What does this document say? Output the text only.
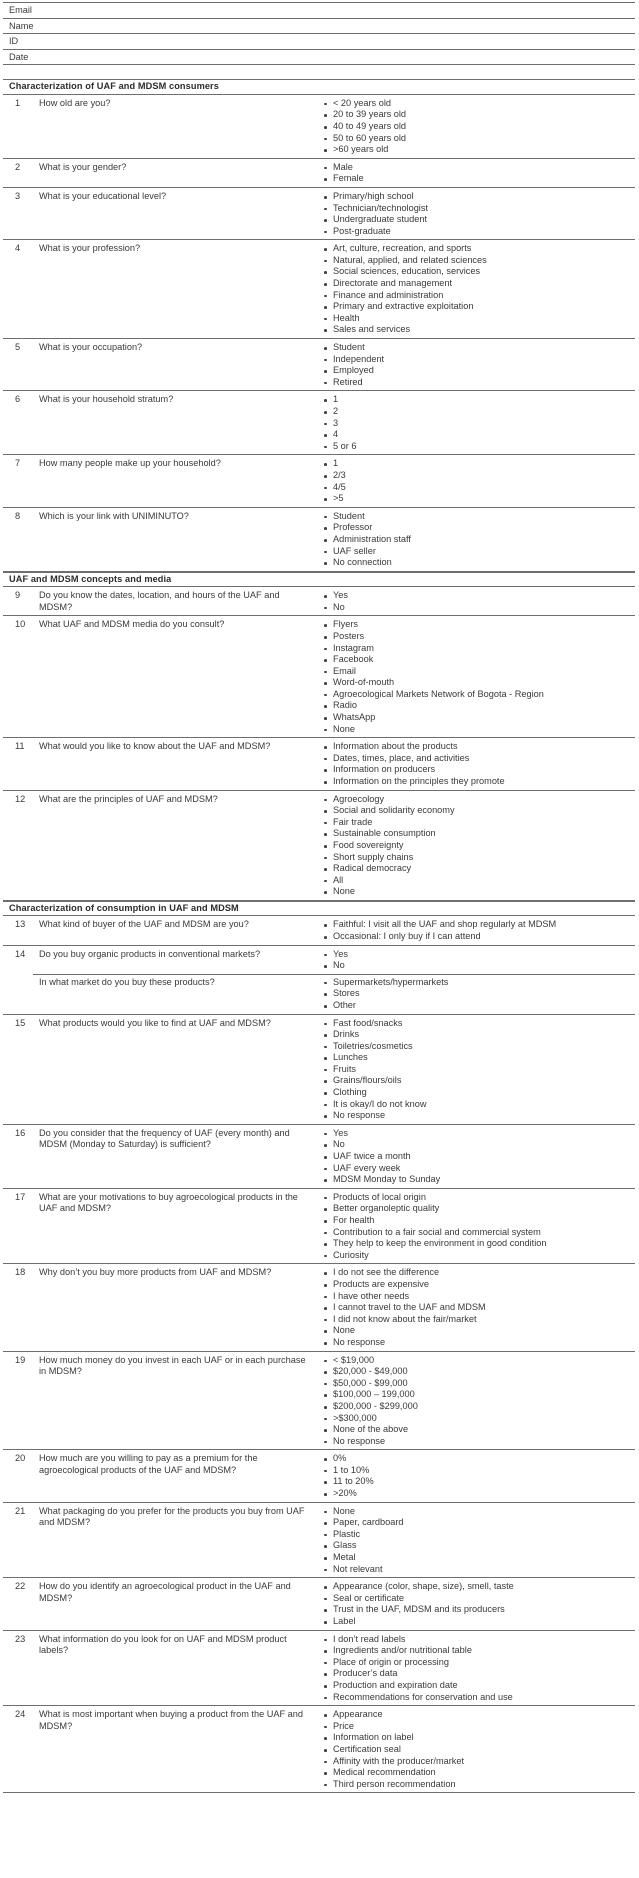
Email
Name
ID
Date
Characterization of UAF and MDSM consumers
1	How old are you?	< 20 years old
20 to 39 years old
40 to 49 years old
50 to 60 years old
>60 years old
2	What is your gender?	Male
Female
3	What is your educational level?	Primary/high school
Technician/technologist
Undergraduate student
Post-graduate
4	What is your profession?	Art, culture, recreation, and sports
Natural, applied, and related sciences
Social sciences, education, services
Directorate and management
Finance and administration
Primary and extractive exploitation
Health
Sales and services
5	What is your occupation?	Student
Independent
Employed
Retired
6	What is your household stratum?	1
2
3
4
5 or 6
7	How many people make up your household?	1
2/3
4/5
>5
8	Which is your link with UNIMINUTO?	Student
Professor
Administration staff
UAF seller
No connection
UAF and MDSM concepts and media
9	Do you know the dates, location, and hours of the UAF and MDSM?
Yes
No
10	What UAF and MDSM media do you consult?	Flyers
Posters
Instagram
Facebook
Email
Word-of-mouth
Agroecological Markets Network of Bogota - Region
Radio
WhatsApp
None
11	What would you like to know about the UAF and MDSM?	Information about the products
Dates, times, place, and activities
Information on producers
Information on the principles they promote
12	What are the principles of UAF and MDSM?	Agroecology
Social and solidarity economy
Fair trade
Sustainable consumption
Food sovereignty
Short supply chains
Radical democracy
All
None
Characterization of consumption in UAF and MDSM
13	What kind of buyer of the UAF and MDSM are you?	Faithful: I visit all the UAF and shop regularly at MDSM
Occasional: I only buy if I can attend
14	Do you buy organic products in conventional markets?	Yes
No
In what market do you buy these products?	Supermarkets/hypermarkets
Stores
Other
15	What products would you like to find at UAF and MDSM?	Fast food/snacks
Drinks
Toiletries/cosmetics
Lunches
Fruits
Grains/flours/oils
Clothing
It is okay/I do not know
No response
16	Do you consider that the frequency of UAF (every month) and MDSM (Monday to Saturday) is sufficient?
Yes
No
UAF twice a month
UAF every week
MDSM Monday to Sunday
17	What are your motivations to buy agroecological products in the UAF and MDSM?
Products of local origin
Better organoleptic quality
For health
Contribution to a fair social and commercial system
They help to keep the environment in good condition
Curiosity
18	Why don’t you buy more products from UAF and MDSM?	I do not see the difference
Products are expensive
I have other needs
I cannot travel to the UAF and MDSM
I did not know about the fair/market
None
No response
19	How much money do you invest in each UAF or in each purchase in MDSM?
< $19,000
$20,000 - $49,000
$50,000 - $99,000
$100,000 – 199,000
$200,000 - $299,000
>$300,000
None of the above
No response
20	How much are you willing to pay as a premium for the agroecological products of the UAF and MDSM?
0%
1 to 10%
11 to 20%
>20%
21	What packaging do you prefer for the products you buy from UAF and MDSM?
None
Paper, cardboard
Plastic
Glass
Metal
Not relevant
22	How do you identify an agroecological product in the UAF and MDSM?
Appearance (color, shape, size), smell, taste
Seal or certificate
Trust in the UAF, MDSM and its producers
Label
23	What information do you look for on UAF and MDSM product labels?
I don’t read labels
Ingredients and/or nutritional table
Place of origin or processing
Producer’s data
Production and expiration date
Recommendations for conservation and use
24	What is most important when buying a product from the UAF and MDSM?
Appearance
Price
Information on label
Certification seal
Affinity with the producer/market
Medical recommendation
Third person recommendation
